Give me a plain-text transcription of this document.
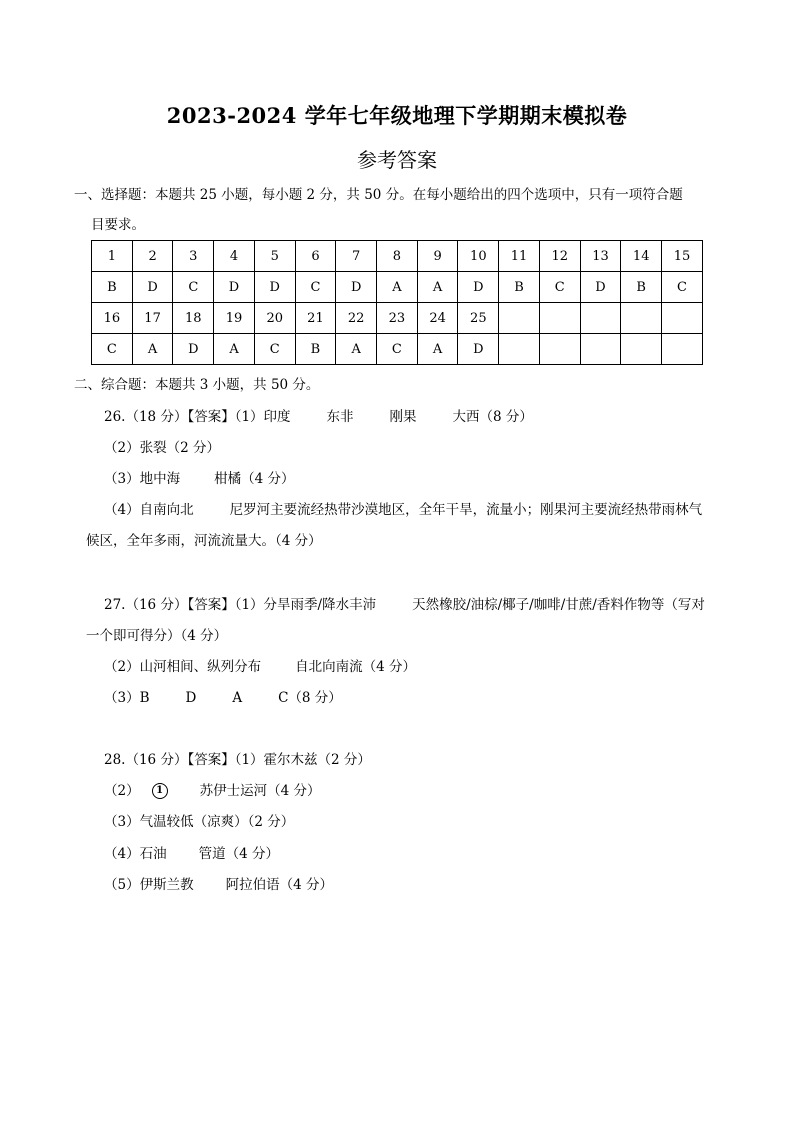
2023-2024 学年七年级地理下学期期末模拟卷
参考答案
一、选择题：本题共 25 小题，每小题 2 分，共 50 分。在每小题给出的四个选项中，只有一项符合题
目要求。
1	2	3	4	5	6	7	8	9	10	11	12	13	14	15
B	D	C	D	D	C	D	A	A	D	B	C	D	B	C
16	17	18	19	20	21	22	23	24	25					
C	A	D	A	C	B	A	C	A	D					
二、综合题：本题共 3 小题，共 50 分。
26.（18 分）【答案】（1）印度	东非	刚果	大西（8 分）
（2）张裂（2 分）
（3）地中海	柑橘（4 分）
（4）自南向北	尼罗河主要流经热带沙漠地区，全年干旱，流量小；刚果河主要流经热带雨林气
候区，全年多雨，河流流量大。（4 分）
27.（16 分）【答案】（1）分旱雨季/降水丰沛	天然橡胶/油棕/椰子/咖啡/甘蔗/香料作物等（写对
一个即可得分）（4 分）
（2）山河相间、纵列分布	自北向南流（4 分）
（3）B	D	A	C（8 分）
28.（16 分）【答案】（1）霍尔木兹（2 分）
（2） 1	苏伊士运河（4 分）
（3）气温较低（凉爽）（2 分）
（4）石油 管道（4 分）
（5）伊斯兰教 阿拉伯语（4 分）
